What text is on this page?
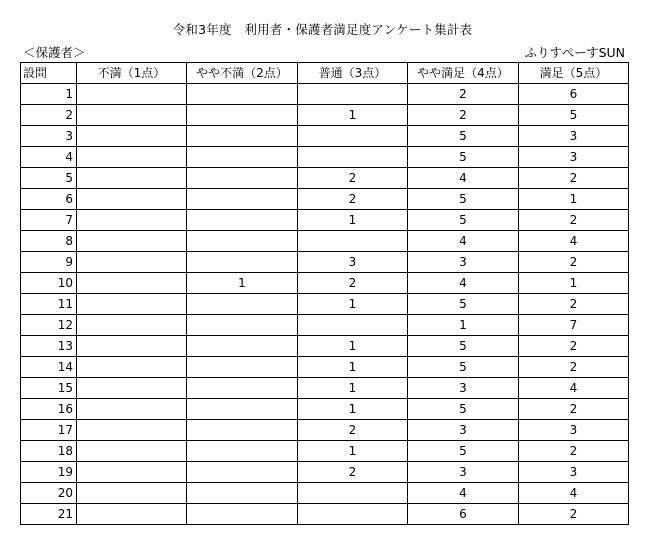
令和3年度　利用者・保護者満足度アンケート集計表
＜保護者＞	ふりすぺーすSUN
設問	不満（1点）	やや不満（2点）	普通（3点）	やや満足（4点）	満足（5点）
1				2	6
2			1	2	5
3				5	3
4				5	3
5			2	4	2
6			2	5	1
7			1	5	2
8				4	4
9			3	3	2
10		1	2	4	1
11			1	5	2
12				1	7
13			1	5	2
14			1	5	2
15			1	3	4
16			1	5	2
17			2	3	3
18			1	5	2
19			2	3	3
20				4	4
21				6	2
